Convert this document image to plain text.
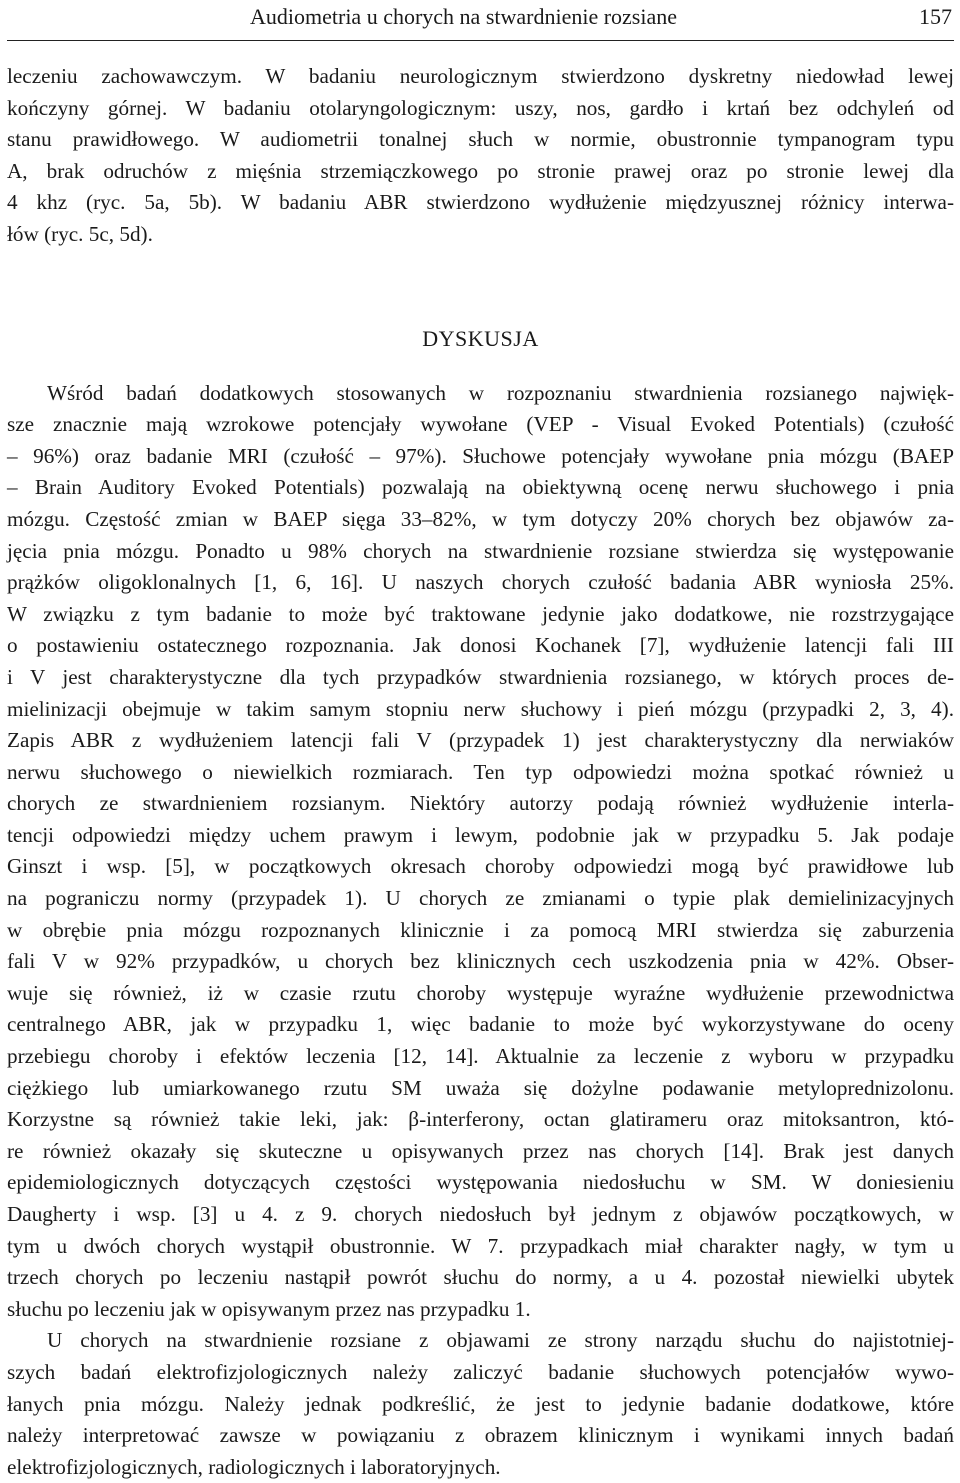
Audiometria u chorych na stwardnienie rozsiane	157

leczeniu zachowawczym. W badaniu neurologicznym stwierdzono dyskretny niedowład lewej
kończyny górnej. W badaniu otolaryngologicznym: uszy, nos, gardło i krtań bez odchyleń od
stanu prawidłowego. W audiometrii tonalnej słuch w normie, obustronnie tympanogram typu
A, brak odruchów z mięśnia strzemiączkowego po stronie prawej oraz po stronie lewej dla
4 khz (ryc. 5a, 5b). W badaniu ABR stwierdzono wydłużenie międzyusznej różnicy interwa-
łów (ryc. 5c, 5d).

DYSKUSJA

Wśród badań dodatkowych stosowanych w rozpoznaniu stwardnienia rozsianego najwięk-
sze znacznie mają wzrokowe potencjały wywołane (VEP - Visual Evoked Potentials) (czułość
– 96%) oraz badanie MRI (czułość – 97%). Słuchowe potencjały wywołane pnia mózgu (BAEP
– Brain Auditory Evoked Potentials) pozwalają na obiektywną ocenę nerwu słuchowego i pnia
mózgu. Częstość zmian w BAEP sięga 33–82%, w tym dotyczy 20% chorych bez objawów za-
jęcia pnia mózgu. Ponadto u 98% chorych na stwardnienie rozsiane stwierdza się występowanie
prążków oligoklonalnych [1, 6, 16]. U naszych chorych czułość badania ABR wyniosła 25%.
W związku z tym badanie to może być traktowane jedynie jako dodatkowe, nie rozstrzygające
o postawieniu ostatecznego rozpoznania. Jak donosi Kochanek [7], wydłużenie latencji fali III
i V jest charakterystyczne dla tych przypadków stwardnienia rozsianego, w których proces de-
mielinizacji obejmuje w takim samym stopniu nerw słuchowy i pień mózgu (przypadki 2, 3, 4).
Zapis ABR z wydłużeniem latencji fali V (przypadek 1) jest charakterystyczny dla nerwiaków
nerwu słuchowego o niewielkich rozmiarach. Ten typ odpowiedzi można spotkać również u
chorych ze stwardnieniem rozsianym. Niektóry autorzy podają również wydłużenie interla-
tencji odpowiedzi między uchem prawym i lewym, podobnie jak w przypadku 5. Jak podaje
Ginszt i wsp. [5], w początkowych okresach choroby odpowiedzi mogą być prawidłowe lub
na pograniczu normy (przypadek 1). U chorych ze zmianami o typie plak demielinizacyjnych
w obrębie pnia mózgu rozpoznanych klinicznie i za pomocą MRI stwierdza się zaburzenia
fali V w 92% przypadków, u chorych bez klinicznych cech uszkodzenia pnia w 42%. Obser-
wuje się również, iż w czasie rzutu choroby występuje wyraźne wydłużenie przewodnictwa
centralnego ABR, jak w przypadku 1, więc badanie to może być wykorzystywane do oceny
przebiegu choroby i efektów leczenia [12, 14]. Aktualnie za leczenie z wyboru w przypadku
ciężkiego lub umiarkowanego rzutu SM uważa się dożylne podawanie metyloprednizolonu.
Korzystne są również takie leki, jak: β-interferony, octan glatirameru oraz mitoksantron, któ-
re również okazały się skuteczne u opisywanych przez nas chorych [14]. Brak jest danych
epidemiologicznych dotyczących częstości występowania niedosłuchu w SM. W doniesieniu
Daugherty i wsp. [3] u 4. z 9. chorych niedosłuch był jednym z objawów początkowych, w
tym u dwóch chorych wystąpił obustronnie. W 7. przypadkach miał charakter nagły, w tym u
trzech chorych po leczeniu nastąpił powrót słuchu do normy, a u 4. pozostał niewielki ubytek
słuchu po leczeniu jak w opisywanym przez nas przypadku 1.

U chorych na stwardnienie rozsiane z objawami ze strony narządu słuchu do najistotniej-
szych badań elektrofizjologicznych należy zaliczyć badanie słuchowych potencjałów wywo-
łanych pnia mózgu. Należy jednak podkreślić, że jest to jedynie badanie dodatkowe, które
należy interpretować zawsze w powiązaniu z obrazem klinicznym i wynikami innych badań
elektrofizjologicznych, radiologicznych i laboratoryjnych.
